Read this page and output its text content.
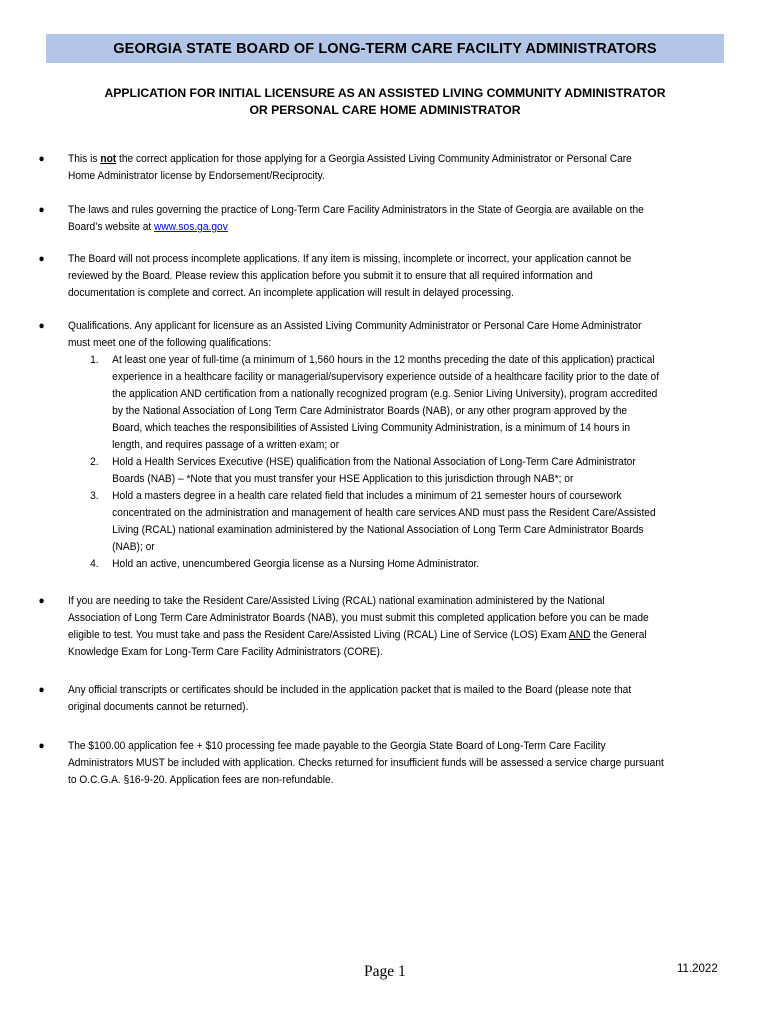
GEORGIA STATE BOARD OF LONG-TERM CARE FACILITY ADMINISTRATORS
APPLICATION FOR INITIAL LICENSURE AS AN ASSISTED LIVING COMMUNITY ADMINISTRATOR
OR PERSONAL CARE HOME ADMINISTRATOR
● This is not the correct application for those applying for a Georgia Assisted Living Community Administrator or Personal Care
Home Administrator license by Endorsement/Reciprocity.
● The laws and rules governing the practice of Long-Term Care Facility Administrators in the State of Georgia are available on the
Board’s website at www.sos.ga.gov
● The Board will not process incomplete applications. If any item is missing, incomplete or incorrect, your application cannot be
reviewed by the Board. Please review this application before you submit it to ensure that all required information and
documentation is complete and correct. An incomplete application will result in delayed processing.
● Qualifications. Any applicant for licensure as an Assisted Living Community Administrator or Personal Care Home Administrator
must meet one of the following qualifications:
1. At least one year of full-time (a minimum of 1,560 hours in the 12 months preceding the date of this application) practical
experience in a healthcare facility or managerial/supervisory experience outside of a healthcare facility prior to the date of
the application AND certification from a nationally recognized program (e.g. Senior Living University), program accredited
by the National Association of Long Term Care Administrator Boards (NAB), or any other program approved by the
Board, which teaches the responsibilities of Assisted Living Community Administration, is a minimum of 14 hours in
length, and requires passage of a written exam; or
2. Hold a Health Services Executive (HSE) qualification from the National Association of Long-Term Care Administrator
Boards (NAB) – *Note that you must transfer your HSE Application to this jurisdiction through NAB*; or
3. Hold a masters degree in a health care related field that includes a minimum of 21 semester hours of coursework
concentrated on the administration and management of health care services AND must pass the Resident Care/Assisted
Living (RCAL) national examination administered by the National Association of Long Term Care Administrator Boards
(NAB); or
4. Hold an active, unencumbered Georgia license as a Nursing Home Administrator.
● If you are needing to take the Resident Care/Assisted Living (RCAL) national examination administered by the National
Association of Long Term Care Administrator Boards (NAB), you must submit this completed application before you can be made
eligible to test. You must take and pass the Resident Care/Assisted Living (RCAL) Line of Service (LOS) Exam AND the General
Knowledge Exam for Long-Term Care Facility Administrators (CORE).
● Any official transcripts or certificates should be included in the application packet that is mailed to the Board (please note that
original documents cannot be returned).
● The $100.00 application fee + $10 processing fee made payable to the Georgia State Board of Long-Term Care Facility
Administrators MUST be included with application. Checks returned for insufficient funds will be assessed a service charge pursuant
to O.C.G.A. §16-9-20. Application fees are non-refundable.
Page 1	11.2022
